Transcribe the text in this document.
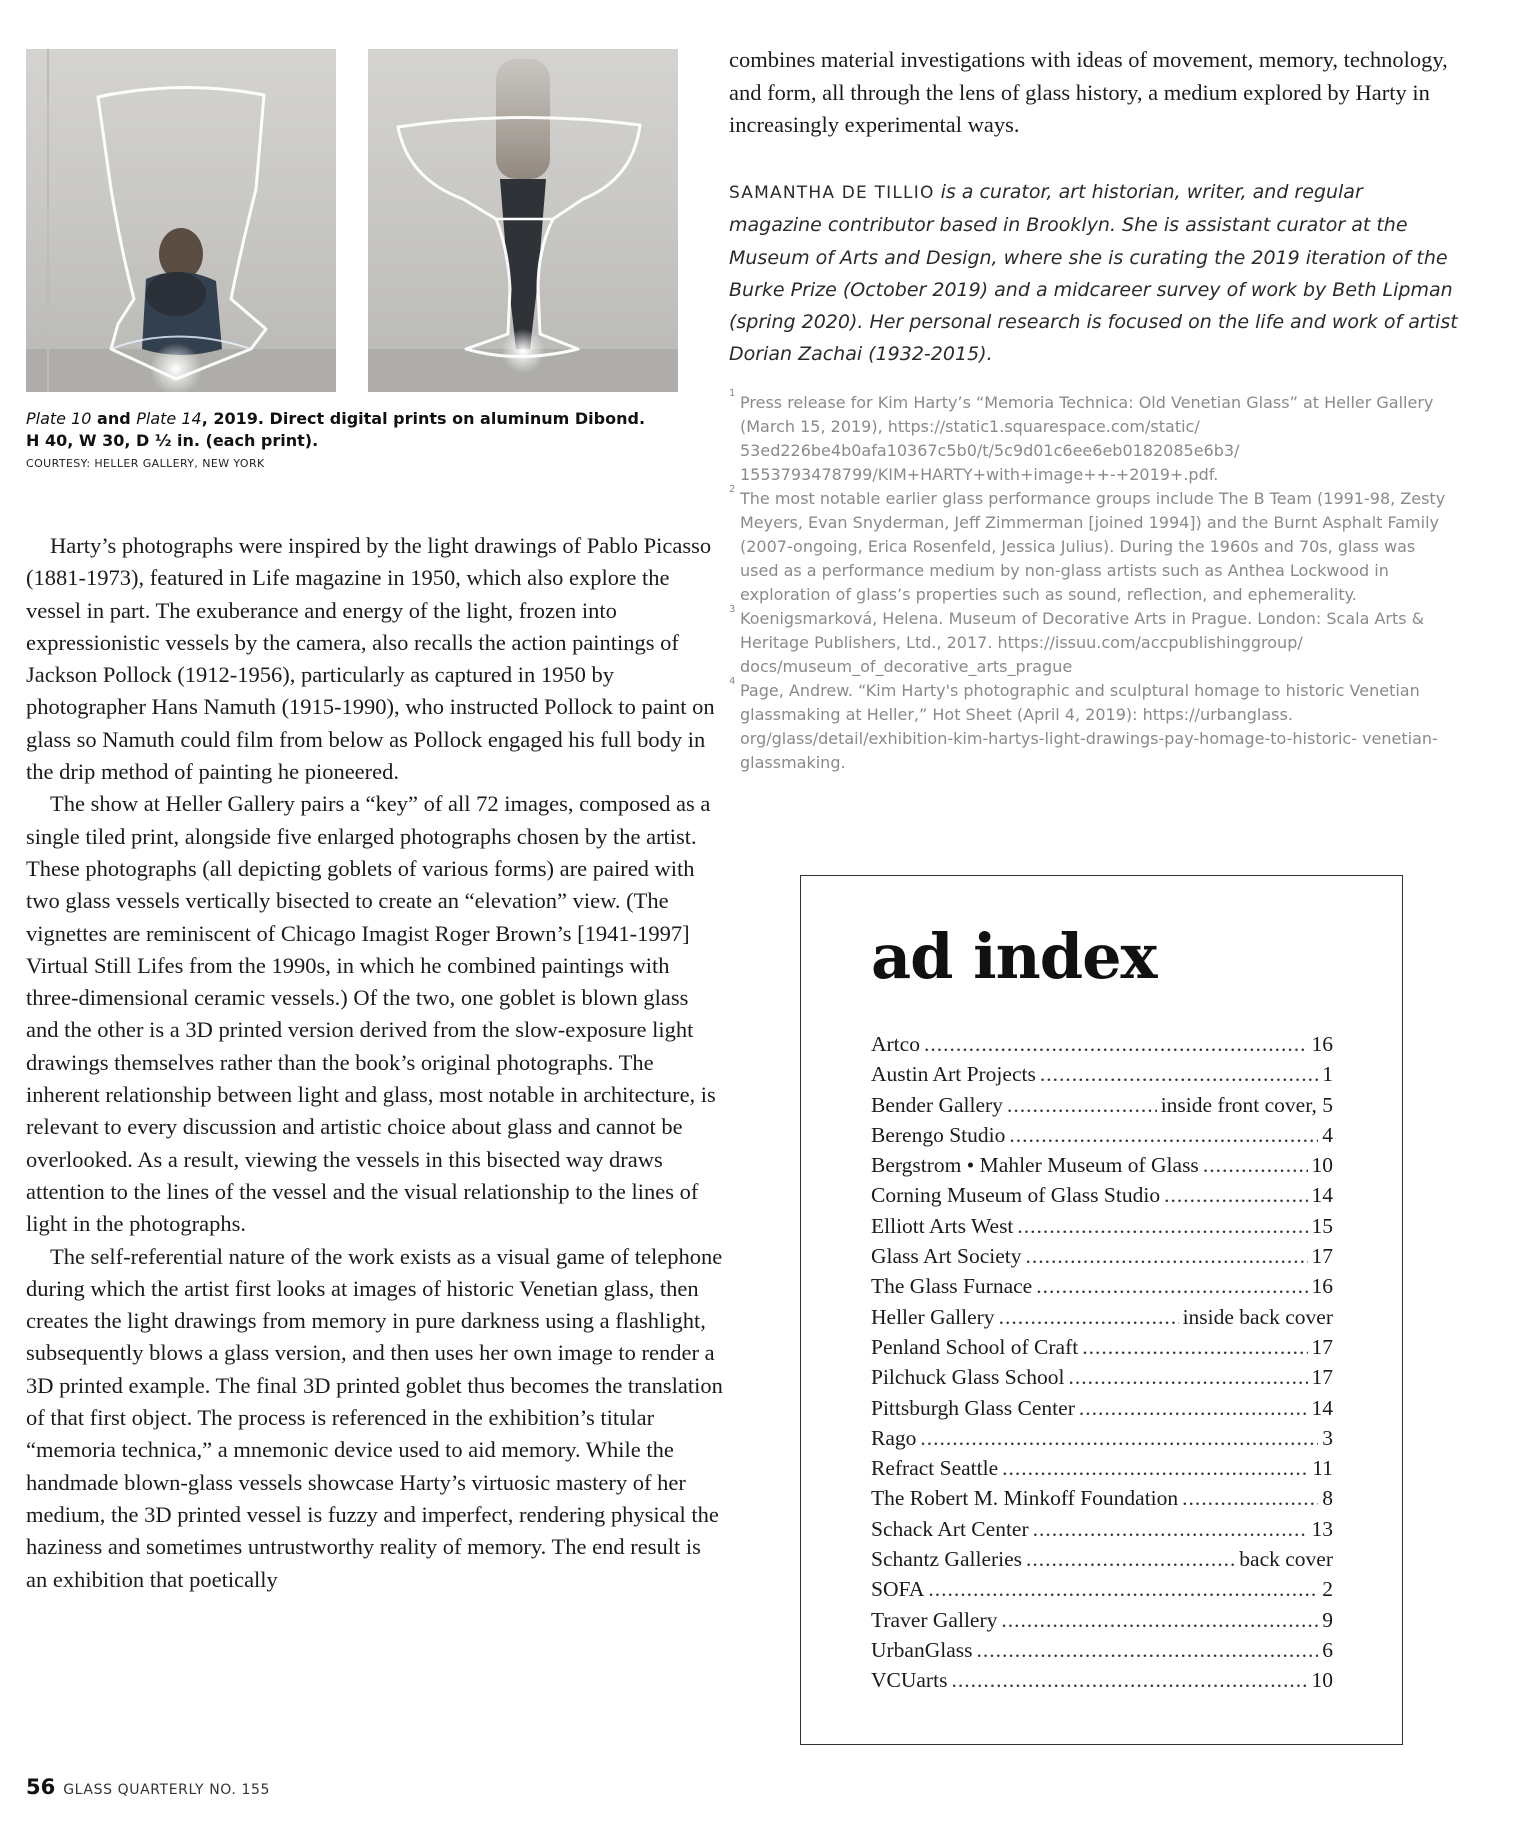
Plate 10 and Plate 14, 2019. Direct digital prints on aluminum Dibond.
H 40, W 30, D ½ in. (each print).
COURTESY: HELLER GALLERY, NEW YORK

Harty’s photographs were inspired by the light drawings of Pablo Picasso (1881-1973), featured in Life magazine in 1950, which also explore the vessel in part. The exuberance and energy of the light, frozen into expressionistic vessels by the camera, also recalls the action paintings of Jackson Pollock (1912-1956), particularly as captured in 1950 by photographer Hans Namuth (1915-1990), who instructed Pollock to paint on glass so Namuth could film from below as Pollock engaged his full body in the drip method of painting he pioneered.

The show at Heller Gallery pairs a “key” of all 72 images, composed as a single tiled print, alongside five enlarged photographs chosen by the artist. These photographs (all depicting goblets of various forms) are paired with two glass vessels vertically bisected to create an “elevation” view. (The vignettes are reminiscent of Chicago Imagist Roger Brown’s [1941-1997] Virtual Still Lifes from the 1990s, in which he combined paintings with three-dimensional ceramic vessels.) Of the two, one goblet is blown glass and the other is a 3D printed version derived from the slow-exposure light drawings themselves rather than the book’s original photographs. The inherent relationship between light and glass, most notable in architecture, is relevant to every discussion and artistic choice about glass and cannot be overlooked. As a result, viewing the vessels in this bisected way draws attention to the lines of the vessel and the visual relationship to the lines of light in the photographs.

The self-referential nature of the work exists as a visual game of telephone during which the artist first looks at images of historic Venetian glass, then creates the light drawings from memory in pure darkness using a flashlight, subsequently blows a glass version, and then uses her own image to render a 3D printed example. The final 3D printed goblet thus becomes the translation of that first object. The process is referenced in the exhibition’s titular “memoria technica,” a mnemonic device used to aid memory. While the handmade blown-glass vessels showcase Harty’s virtuosic mastery of her medium, the 3D printed vessel is fuzzy and imperfect, rendering physical the haziness and sometimes untrustworthy reality of memory. The end result is an exhibition that poetically

combines material investigations with ideas of movement, memory, technology, and form, all through the lens of glass history, a medium explored by Harty in increasingly experimental ways.
SAMANTHA DE TILLIO is a curator, art historian, writer, and regular magazine contributor based in Brooklyn. She is assistant curator at the Museum of Arts and Design, where she is curating the 2019 iteration of the Burke Prize (October 2019) and a midcareer survey of work by Beth Lipman (spring 2020). Her personal research is focused on the life and work of artist Dorian Zachai (1932-2015).
1 Press release for Kim Harty’s “Memoria Technica: Old Venetian Glass” at Heller Gallery (March 15, 2019), https://static1.squarespace.com/static/ 53ed226be4b0afa10367c5b0/t/5c9d01c6ee6eb0182085e6b3/ 1553793478799/KIM+HARTY+with+image++-+2019+.pdf.
2 The most notable earlier glass performance groups include The B Team (1991-98, Zesty Meyers, Evan Snyderman, Jeff Zimmerman [joined 1994]) and the Burnt Asphalt Family (2007-ongoing, Erica Rosenfeld, Jessica Julius). During the 1960s and 70s, glass was used as a performance medium by non-glass artists such as Anthea Lockwood in exploration of glass’s properties such as sound, reflection, and ephemerality.
3 Koenigsmarková, Helena. Museum of Decorative Arts in Prague. London: Scala Arts & Heritage Publishers, Ltd., 2017. https://issuu.com/accpublishinggroup/ docs/museum_of_decorative_arts_prague
4 Page, Andrew. “Kim Harty's photographic and sculptural homage to historic Venetian glassmaking at Heller,” Hot Sheet (April 4, 2019): https://urbanglass. org/glass/detail/exhibition-kim-hartys-light-drawings-pay-homage-to-historic- venetian-glassmaking.
ad index
Artco .....	16
Austin Art Projects .....	1
Bender Gallery .....	inside front cover, 5
Berengo Studio .....	4
Bergstrom • Mahler Museum of Glass .....	10
Corning Museum of Glass Studio .....	14
Elliott Arts West .....	15
Glass Art Society .....	17
The Glass Furnace .....	16
Heller Gallery .....	inside back cover
Penland School of Craft .....	17
Pilchuck Glass School .....	17
Pittsburgh Glass Center .....	14
Rago .....	3
Refract Seattle .....	11
The Robert M. Minkoff Foundation .....	8
Schack Art Center .....	13
Schantz Galleries .....	back cover
SOFA .....	2
Traver Gallery .....	9
UrbanGlass .....	6
VCUarts .....	10
56 GLASS QUARTERLY NO. 155
